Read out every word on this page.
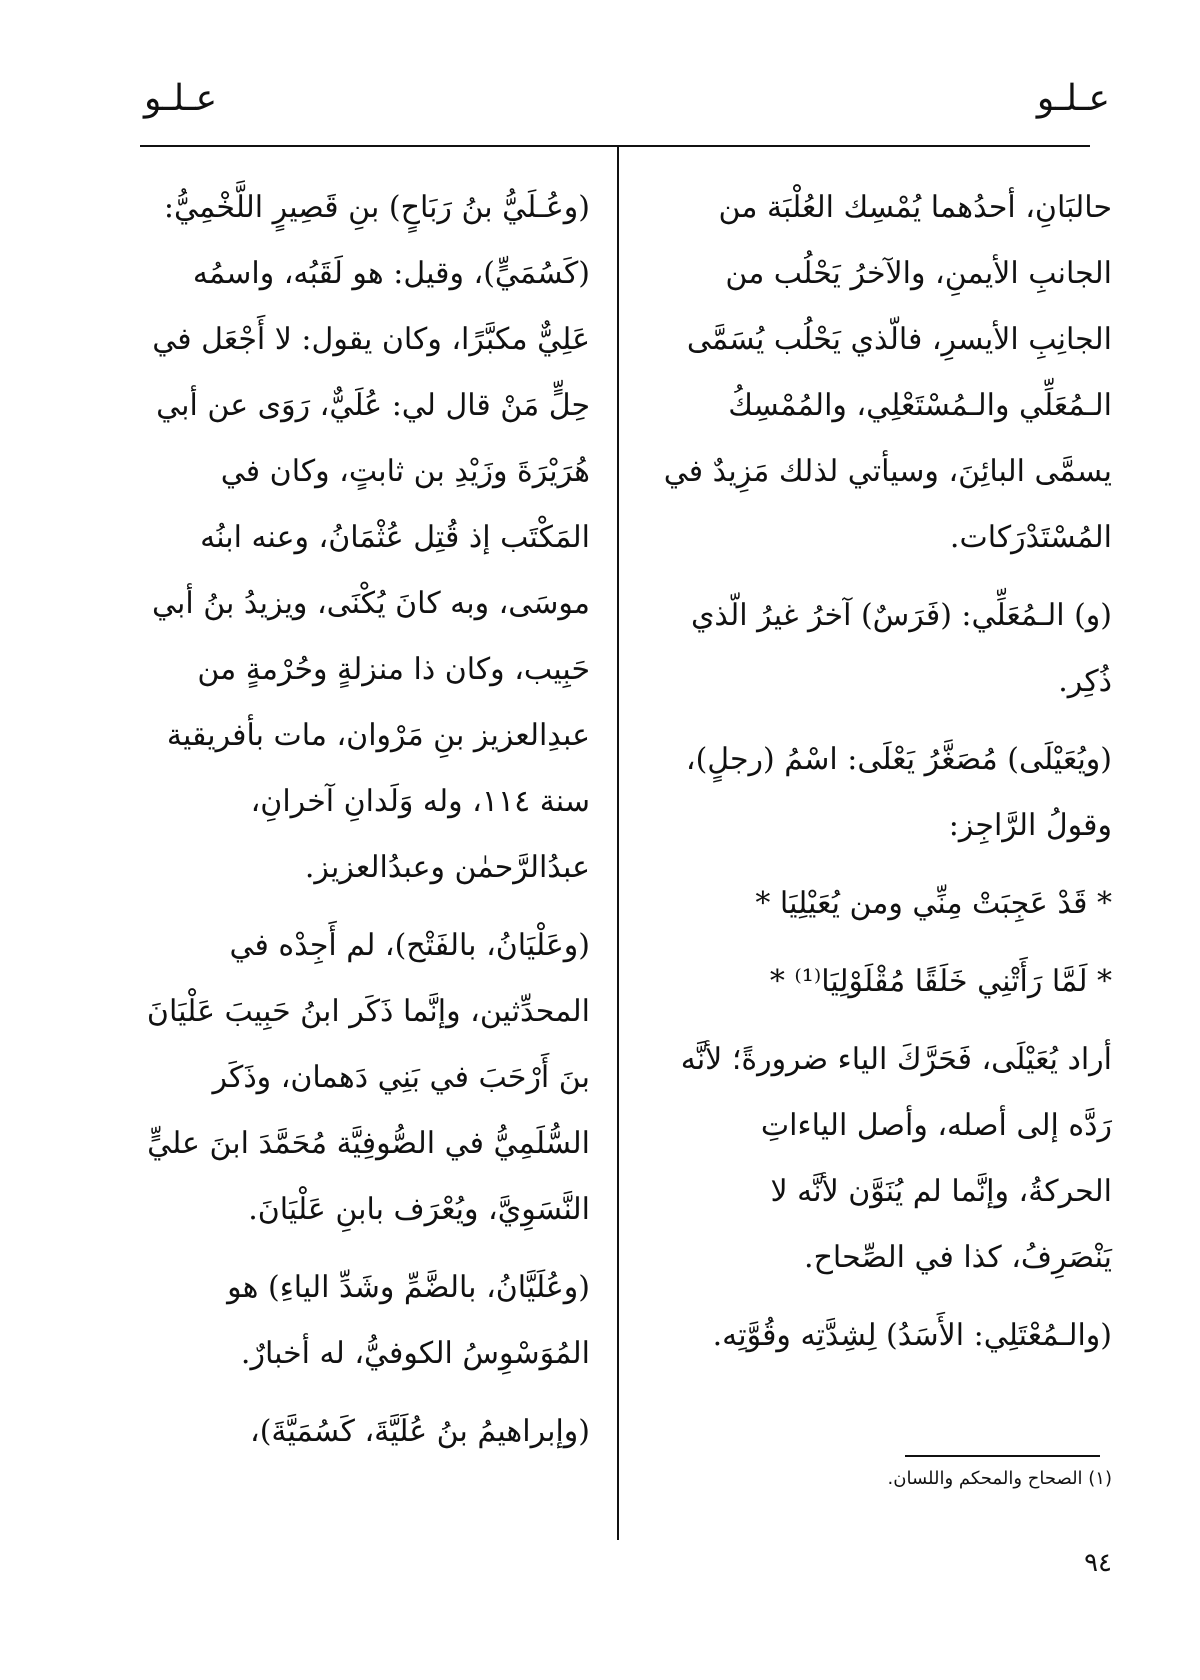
عـلـو
عـلـو

حالبَانِ، أحدُهما يُمْسِك العُلْبَة من الجانبِ الأيمنِ، والآخرُ يَحْلُب من الجانِبِ الأيسرِ، فالّذي يَحْلُب يُسَمَّى الـمُعَلِّي والـمُسْتَعْلِي، والمُمْسِكُ يسمَّى البائِنَ، وسيأتي لذلك مَزِيدٌ في المُسْتَدْرَكات.

(و) الـمُعَلِّي: (فَرَسٌ) آخرُ غيرُ الّذي ذُكِر.

(ويُعَيْلَى) مُصَغَّرُ يَعْلَى: اسْمُ (رجلٍ)، وقولُ الرَّاجِز:

* قَدْ عَجِبَتْ مِنِّي ومن يُعَيْلِيَا *

* لَمَّا رَأَتْنِي خَلَقًا مُقْلَوْلِيَا⁽¹⁾ *

أراد يُعَيْلَى، فَحَرَّكَ الياء ضرورةً؛ لأنَّه رَدَّه إلى أصله، وأصل الياءاتِ الحركةُ، وإنَّما لم يُنَوَّن لأنَّه لا يَنْصَرِفُ، كذا في الصِّحاح.

(والـمُعْتَلِي: الأَسَدُ) لِشِدَّتِه وقُوَّتِه.

(وعُـلَيُّ بنُ رَبَاحٍ) بنِ قَصِيرٍ اللَّخْمِيُّ: (كَسُمَيٍّ)، وقيل: هو لَقَبُه، واسمُه عَلِيٌّ مكبَّرًا، وكان يقول: لا أَجْعَل في حِلٍّ مَنْ قال لي: عُلَيٌّ، رَوَى عن أبي هُرَيْرَةَ وزَيْدِ بن ثابتٍ، وكان في المَكْتَب إذ قُتِل عُثْمَانُ، وعنه ابنُه موسَى، وبه كانَ يُكْنَى، ويزيدُ بنُ أبي حَبِيب، وكان ذا منزلةٍ وحُرْمةٍ من عبدِالعزيز بنِ مَرْوان، مات بأفريقية سنة ١١٤، وله وَلَدانِ آخرانِ، عبدُالرَّحمٰن وعبدُالعزيز.

(وعَلْيَانُ، بالفَتْح)، لم أَجِدْه في المحدِّثين، وإنَّما ذَكَر ابنُ حَبِيبَ عَلْيَانَ بنَ أَرْحَبَ في بَنِي دَهمان، وذَكَر السُّلَمِيُّ في الصُّوفِيَّة مُحَمَّدَ ابنَ عليٍّ النَّسَوِيَّ، ويُعْرَف بابنِ عَلْيَانَ.

(وعُلَيَّانُ، بالضَّمِّ وشَدِّ الياءِ) هو المُوَسْوِسُ الكوفيُّ، له أخبارٌ.

(وإبراهيمُ بنُ عُلَيَّةَ، كَسُمَيَّةَ)،

(١) الصحاح والمحكم واللسان.
٩٤
